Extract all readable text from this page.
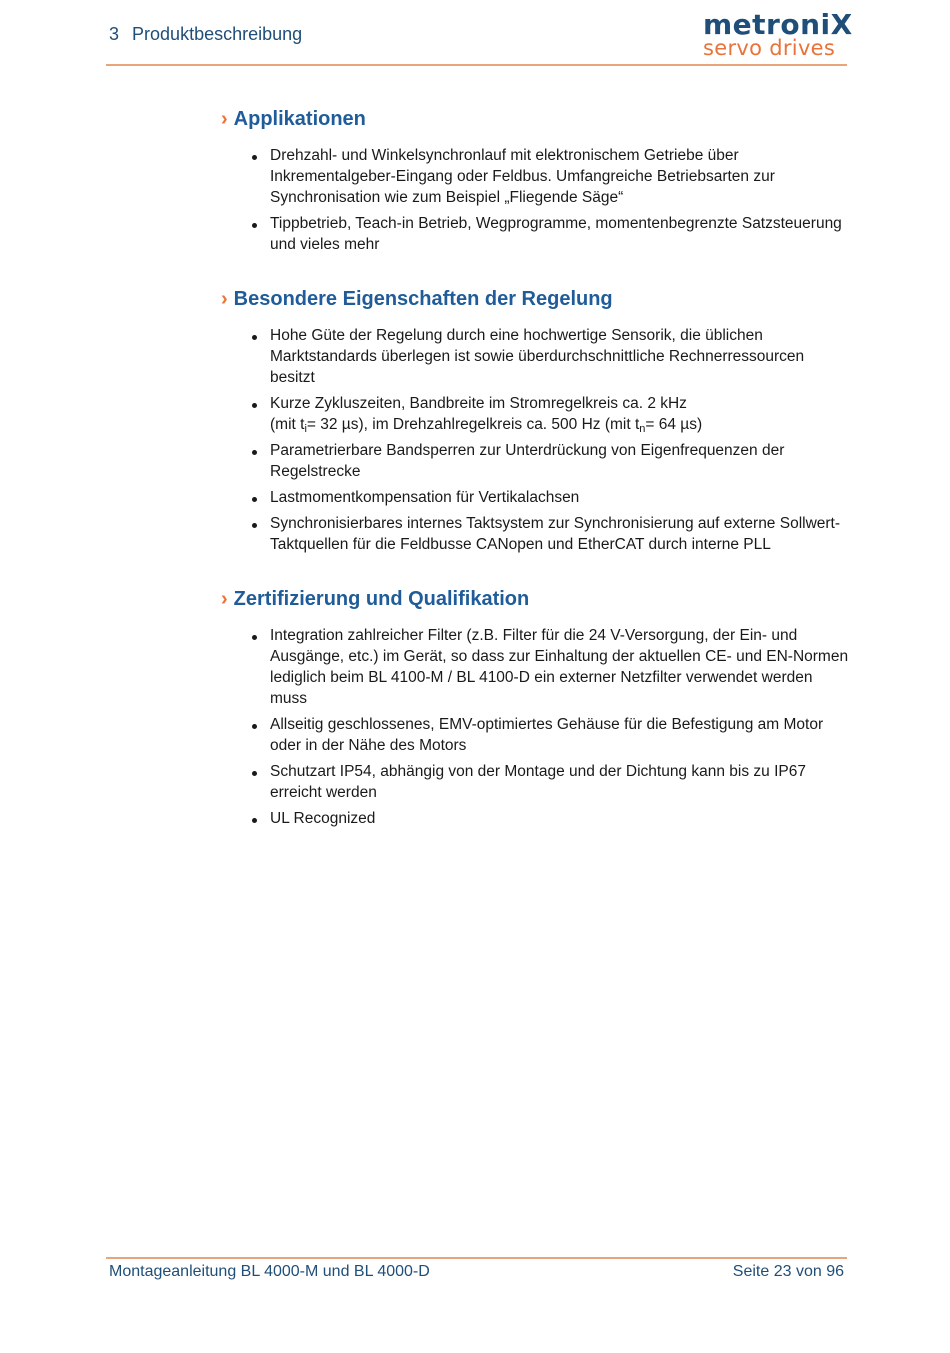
3 Produktbeschreibung	metroniX
servo drives
› Applikationen
Drehzahl- und Winkelsynchronlauf mit elektronischem Getriebe über Inkrementalgeber-Eingang oder Feldbus. Umfangreiche Betriebsarten zur Synchronisation wie zum Beispiel „Fliegende Säge“
Tippbetrieb, Teach-in Betrieb, Wegprogramme, momentenbegrenzte Satzsteuerung und vieles mehr
› Besondere Eigenschaften der Regelung
Hohe Güte der Regelung durch eine hochwertige Sensorik, die üblichen Marktstandards überlegen ist sowie überdurchschnittliche Rechnerressourcen besitzt
Kurze Zykluszeiten, Bandbreite im Stromregelkreis ca. 2 kHz
(mit $t_i= 32$ µs), im Drehzahlregelkreis ca. 500 Hz (mit $t_n= 64$ µs)
Parametrierbare Bandsperren zur Unterdrückung von Eigenfrequenzen der Regelstrecke
Lastmomentkompensation für Vertikalachsen
Synchronisierbares internes Taktsystem zur Synchronisierung auf externe Sollwert-Taktquellen für die Feldbusse CANopen und EtherCAT durch interne PLL
› Zertifizierung und Qualifikation
Integration zahlreicher Filter (z.B. Filter für die 24 V-Versorgung, der Ein- und Ausgänge, etc.) im Gerät, so dass zur Einhaltung der aktuellen CE- und EN-Normen lediglich beim BL 4100-M / BL 4100-D ein externer Netzfilter verwendet werden muss
Allseitig geschlossenes, EMV-optimiertes Gehäuse für die Befestigung am Motor oder in der Nähe des Motors
Schutzart IP54, abhängig von der Montage und der Dichtung kann bis zu IP67 erreicht werden
UL Recognized
Montageanleitung BL 4000-M und BL 4000-D	Seite 23 von 96
